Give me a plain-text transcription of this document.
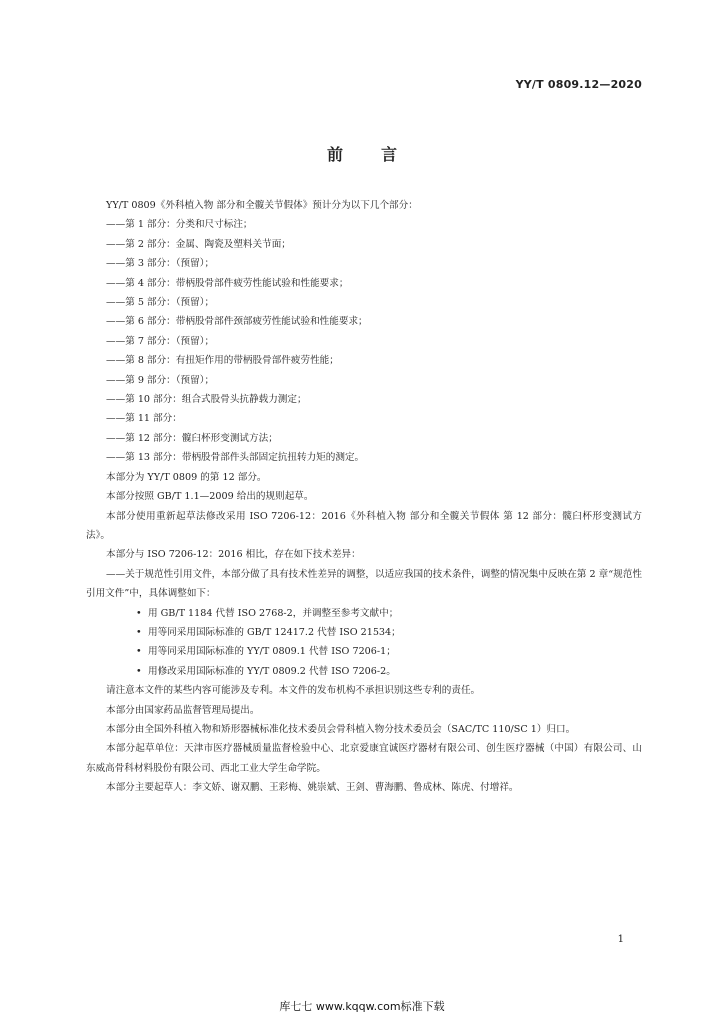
YY/T 0809.12—2020
前言

YY/T 0809《外科植入物 部分和全髋关节假体》预计分为以下几个部分：

——第 1 部分：分类和尺寸标注；

——第 2 部分：金属、陶瓷及塑料关节面；

——第 3 部分：（预留）；

——第 4 部分：带柄股骨部件疲劳性能试验和性能要求；

——第 5 部分：（预留）；

——第 6 部分：带柄股骨部件颈部疲劳性能试验和性能要求；

——第 7 部分：（预留）；

——第 8 部分：有扭矩作用的带柄股骨部件疲劳性能；

——第 9 部分：（预留）；

——第 10 部分：组合式股骨头抗静载力测定；

——第 11 部分：

——第 12 部分：髋臼杯形变测试方法；

——第 13 部分：带柄股骨部件头部固定抗扭转力矩的测定。

本部分为 YY/T 0809 的第 12 部分。

本部分按照 GB/T 1.1—2009 给出的规则起草。

本部分使用重新起草法修改采用 ISO 7206-12：2016《外科植入物 部分和全髋关节假体 第 12 部分：髋臼杯形变测试方法》。

本部分与 ISO 7206-12：2016 相比，存在如下技术差异：

——关于规范性引用文件，本部分做了具有技术性差异的调整，以适应我国的技术条件，调整的情况集中反映在第 2 章“规范性引用文件”中，具体调整如下：

• 用 GB/T 1184 代替 ISO 2768-2，并调整至参考文献中；

• 用等同采用国际标准的 GB/T 12417.2 代替 ISO 21534；

• 用等同采用国际标准的 YY/T 0809.1 代替 ISO 7206-1；

• 用修改采用国际标准的 YY/T 0809.2 代替 ISO 7206-2。

请注意本文件的某些内容可能涉及专利。本文件的发布机构不承担识别这些专利的责任。

本部分由国家药品监督管理局提出。

本部分由全国外科植入物和矫形器械标准化技术委员会骨科植入物分技术委员会（SAC/TC 110/SC 1）归口。

本部分起草单位：天津市医疗器械质量监督检验中心、北京爱康宜诚医疗器材有限公司、创生医疗器械（中国）有限公司、山东威高骨科材料股份有限公司、西北工业大学生命学院。

本部分主要起草人：李文娇、谢双鹏、王彩梅、姚崇斌、王剑、曹海鹏、鲁成林、陈虎、付增祥。

1
库七七 www.kqqw.com标准下载
